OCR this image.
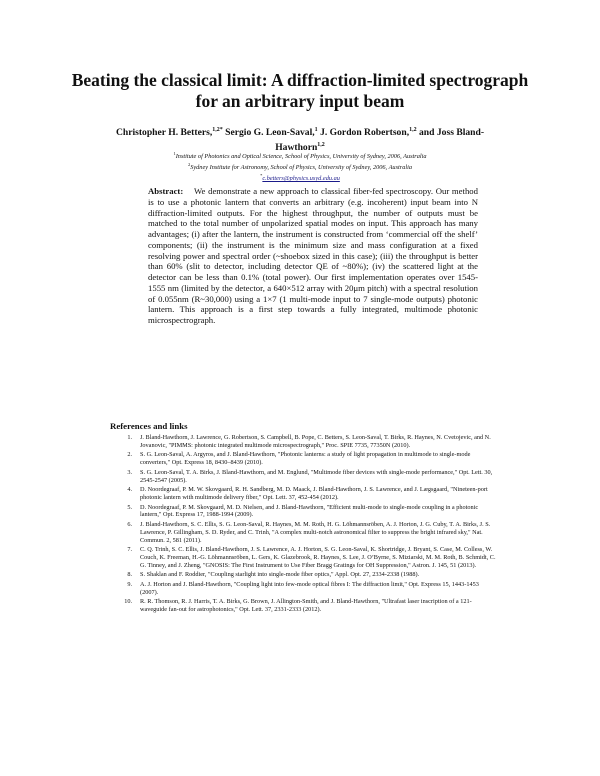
Beating the classical limit: A diffraction-limited spectrograph for an arbitrary input beam
Christopher H. Betters,$^{1,2*}$ Sergio G. Leon-Saval,$^1$ J. Gordon Robertson,$^{1,2}$ and Joss Bland-Hawthorn$^{1,2}$
$^1$Institute of Photonics and Optical Science, School of Physics, University of Sydney, 2006, Australia
$^2$Sydney Institute for Astronomy, School of Physics, University of Sydney, 2006, Australia
*c.betters@physics.usyd.edu.au
Abstract: We demonstrate a new approach to classical fiber-fed spectroscopy. Our method is to use a photonic lantern that converts an arbitrary (e.g. incoherent) input beam into N diffraction-limited outputs. For the highest throughput, the number of outputs must be matched to the total number of unpolarized spatial modes on input. This approach has many advantages; (i) after the lantern, the instrument is constructed from ‘commercial off the shelf’ components; (ii) the instrument is the minimum size and mass configuration at a fixed resolving power and spectral order (~shoebox sized in this case); (iii) the throughput is better than 60% (slit to detector, including detector QE of ~80%); (iv) the scattered light at the detector can be less than 0.1% (total power). Our first implementation operates over 1545-1555 nm (limited by the detector, a 640×512 array with 20μm pitch) with a spectral resolution of 0.055nm (R~30,000) using a 1×7 (1 multi-mode input to 7 single-mode outputs) photonic lantern. This approach is a first step towards a fully integrated, multimode photonic microspectrograph.
References and links
1. J. Bland-Hawthorn, J. Lawrence, G. Robertson, S. Campbell, B. Pope, C. Betters, S. Leon-Saval, T. Birks, R. Haynes, N. Cvetojevic, and N. Jovanovic, "PIMMS: photonic integrated multimode microspectrograph," Proc. SPIE 7735, 77350N (2010).
2. S. G. Leon-Saval, A. Argyros, and J. Bland-Hawthorn, "Photonic lanterns: a study of light propagation in multimode to single-mode converters," Opt. Express 18, 8430–8439 (2010).
3. S. G. Leon-Saval, T. A. Birks, J. Bland-Hawthorn, and M. Englund, "Multimode fiber devices with single-mode performance," Opt. Lett. 30, 2545-2547 (2005).
4. D. Noordegraaf, P. M. W. Skovgaard, R. H. Sandberg, M. D. Maack, J. Bland-Hawthorn, J. S. Lawrence, and J. Lægsgaard, "Nineteen-port photonic lantern with multimode delivery fiber," Opt. Lett. 37, 452-454 (2012).
5. D. Noordegraaf, P. M. Skovgaard, M. D. Nielsen, and J. Bland-Hawthorn, "Efficient multi-mode to single-mode coupling in a photonic lantern," Opt. Express 17, 1988-1994 (2009).
6. J. Bland-Hawthorn, S. C. Ellis, S. G. Leon-Saval, R. Haynes, M. M. Roth, H. G. Löhmannsröben, A. J. Horton, J. G. Cuby, T. A. Birks, J. S. Lawrence, P. Gillingham, S. D. Ryder, and C. Trinh, "A complex multi-notch astronomical filter to suppress the bright infrared sky," Nat. Commun. 2, 581 (2011).
7. C. Q. Trinh, S. C. Ellis, J. Bland-Hawthorn, J. S. Lawrence, A. J. Horton, S. G. Leon-Saval, K. Shortridge, J. Bryant, S. Case, M. Colless, W. Couch, K. Freeman, H.-G. Löhmannsröben, L. Gers, K. Glazebrook, R. Haynes, S. Lee, J. O’Byrne, S. Miziarski, M. M. Roth, B. Schmidt, C. G. Tinney, and J. Zheng, "GNOSIS: The First Instrument to Use Fiber Bragg Gratings for OH Suppression," Astron. J. 145, 51 (2013).
8. S. Shaklan and F. Roddier, "Coupling starlight into single-mode fiber optics," Appl. Opt. 27, 2334-2338 (1988).
9. A. J. Horton and J. Bland-Hawthorn, "Coupling light into few-mode optical fibres I: The diffraction limit," Opt. Express 15, 1443-1453 (2007).
10. R. R. Thomson, R. J. Harris, T. A. Birks, G. Brown, J. Allington-Smith, and J. Bland-Hawthorn, "Ultrafast laser inscription of a 121-waveguide fan-out for astrophotonics," Opt. Lett. 37, 2331-2333 (2012).
